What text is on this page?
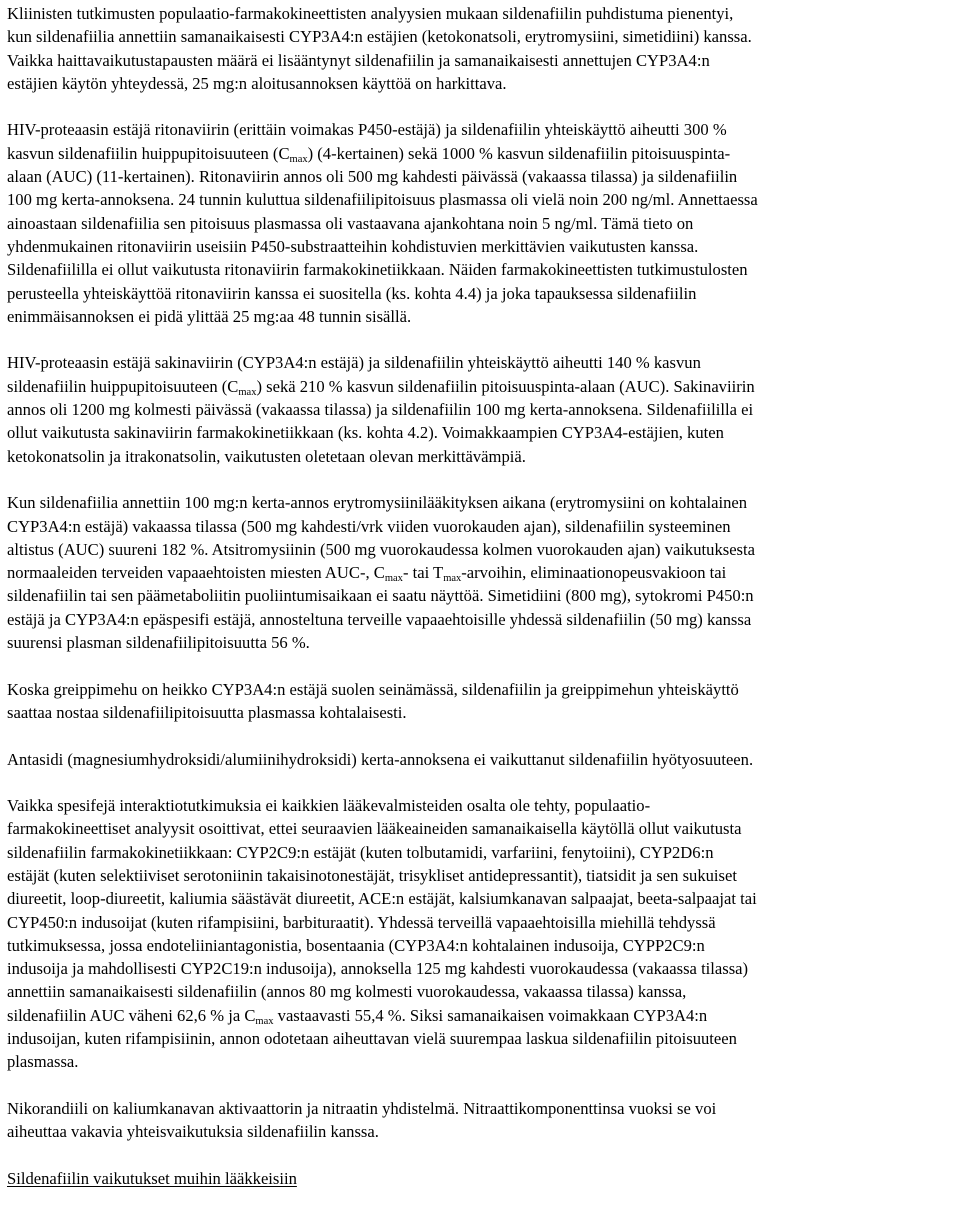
Kliinisten tutkimusten populaatio-farmakokineettisten analyysien mukaan sildenafiilin puhdistuma pienentyi,
kun sildenafiilia annettiin samanaikaisesti CYP3A4:n estäjien (ketokonatsoli, erytromysiini, simetidiini) kanssa.
Vaikka haittavaikutustapausten määrä ei lisääntynyt sildenafiilin ja samanaikaisesti annettujen CYP3A4:n
estäjien käytön yhteydessä, 25 mg:n aloitusannoksen käyttöä on harkittava.

HIV-proteaasin estäjä ritonaviirin (erittäin voimakas P450-estäjä) ja sildenafiilin yhteiskäyttö aiheutti 300 %
kasvun sildenafiilin huippupitoisuuteen $(C_{max})$ (4-kertainen) sekä 1000 % kasvun sildenafiilin pitoisuuspinta-
alaan (AUC) (11-kertainen). Ritonaviirin annos oli 500 mg kahdesti päivässä (vakaassa tilassa) ja sildenafiilin
100 mg kerta-annoksena. 24 tunnin kuluttua sildenafiilipitoisuus plasmassa oli vielä noin 200 ng/ml. Annettaessa
ainoastaan sildenafiilia sen pitoisuus plasmassa oli vastaavana ajankohtana noin 5 ng/ml. Tämä tieto on
yhdenmukainen ritonaviirin useisiin P450-substraatteihin kohdistuvien merkittävien vaikutusten kanssa.
Sildenafiililla ei ollut vaikutusta ritonaviirin farmakokinetiikkaan. Näiden farmakokineettisten tutkimustulosten
perusteella yhteiskäyttöä ritonaviirin kanssa ei suositella (ks. kohta 4.4) ja joka tapauksessa sildenafiilin
enimmäisannoksen ei pidä ylittää 25 mg:aa 48 tunnin sisällä.

HIV-proteaasin estäjä sakinaviirin (CYP3A4:n estäjä) ja sildenafiilin yhteiskäyttö aiheutti 140 % kasvun
sildenafiilin huippupitoisuuteen $(C_{max})$ sekä 210 % kasvun sildenafiilin pitoisuuspinta-alaan (AUC). Sakinaviirin
annos oli 1200 mg kolmesti päivässä (vakaassa tilassa) ja sildenafiilin 100 mg kerta-annoksena. Sildenafiililla ei
ollut vaikutusta sakinaviirin farmakokinetiikkaan (ks. kohta 4.2). Voimakkaampien CYP3A4-estäjien, kuten
ketokonatsolin ja itrakonatsolin, vaikutusten oletetaan olevan merkittävämpiä.

Kun sildenafiilia annettiin 100 mg:n kerta-annos erytromysiinilääkityksen aikana (erytromysiini on kohtalainen
CYP3A4:n estäjä) vakaassa tilassa (500 mg kahdesti/vrk viiden vuorokauden ajan), sildenafiilin systeeminen
altistus (AUC) suureni 182 %. Atsitromysiinin (500 mg vuorokaudessa kolmen vuorokauden ajan) vaikutuksesta
normaaleiden terveiden vapaaehtoisten miesten AUC-, $C_{max}-$ tai $T_{max}$-arvoihin, eliminaationopeusvakioon tai
sildenafiilin tai sen päämetaboliitin puoliintumisaikaan ei saatu näyttöä. Simetidiini (800 mg), sytokromi P450:n
estäjä ja CYP3A4:n epäspesifi estäjä, annosteltuna terveille vapaaehtoisille yhdessä sildenafiilin (50 mg) kanssa
suurensi plasman sildenafiilipitoisuutta 56 %.

Koska greippimehu on heikko CYP3A4:n estäjä suolen seinämässä, sildenafiilin ja greippimehun yhteiskäyttö
saattaa nostaa sildenafiilipitoisuutta plasmassa kohtalaisesti.

Antasidi (magnesiumhydroksidi/alumiinihydroksidi) kerta-annoksena ei vaikuttanut sildenafiilin hyötyosuuteen.

Vaikka spesifejä interaktiotutkimuksia ei kaikkien lääkevalmisteiden osalta ole tehty, populaatio-
farmakokineettiset analyysit osoittivat, ettei seuraavien lääkeaineiden samanaikaisella käytöllä ollut vaikutusta
sildenafiilin farmakokinetiikkaan: CYP2C9:n estäjät (kuten tolbutamidi, varfariini, fenytoiini), CYP2D6:n
estäjät (kuten selektiiviset serotoniinin takaisinotonestäjät, trisykliset antidepressantit), tiatsidit ja sen sukuiset
diureetit, loop-diureetit, kaliumia säästävät diureetit, ACE:n estäjät, kalsiumkanavan salpaajat, beeta-salpaajat tai
CYP450:n indusoijat (kuten rifampisiini, barbituraatit). Yhdessä terveillä vapaaehtoisilla miehillä tehdyssä
tutkimuksessa, jossa endoteliiniantagonistia, bosentaania (CYP3A4:n kohtalainen indusoija, CYPP2C9:n
indusoija ja mahdollisesti CYP2C19:n indusoija), annoksella 125 mg kahdesti vuorokaudessa (vakaassa tilassa)
annettiin samanaikaisesti sildenafiilin (annos 80 mg kolmesti vuorokaudessa, vakaassa tilassa) kanssa,
sildenafiilin AUC väheni 62,6 % ja $C_{max}$ vastaavasti 55,4 %. Siksi samanaikaisen voimakkaan CYP3A4:n
indusoijan, kuten rifampisiinin, annon odotetaan aiheuttavan vielä suurempaa laskua sildenafiilin pitoisuuteen
plasmassa.

Nikorandiili on kaliumkanavan aktivaattorin ja nitraatin yhdistelmä. Nitraattikomponenttinsa vuoksi se voi
aiheuttaa vakavia yhteisvaikutuksia sildenafiilin kanssa.

Sildenafiilin vaikutukset muihin lääkkeisiin
